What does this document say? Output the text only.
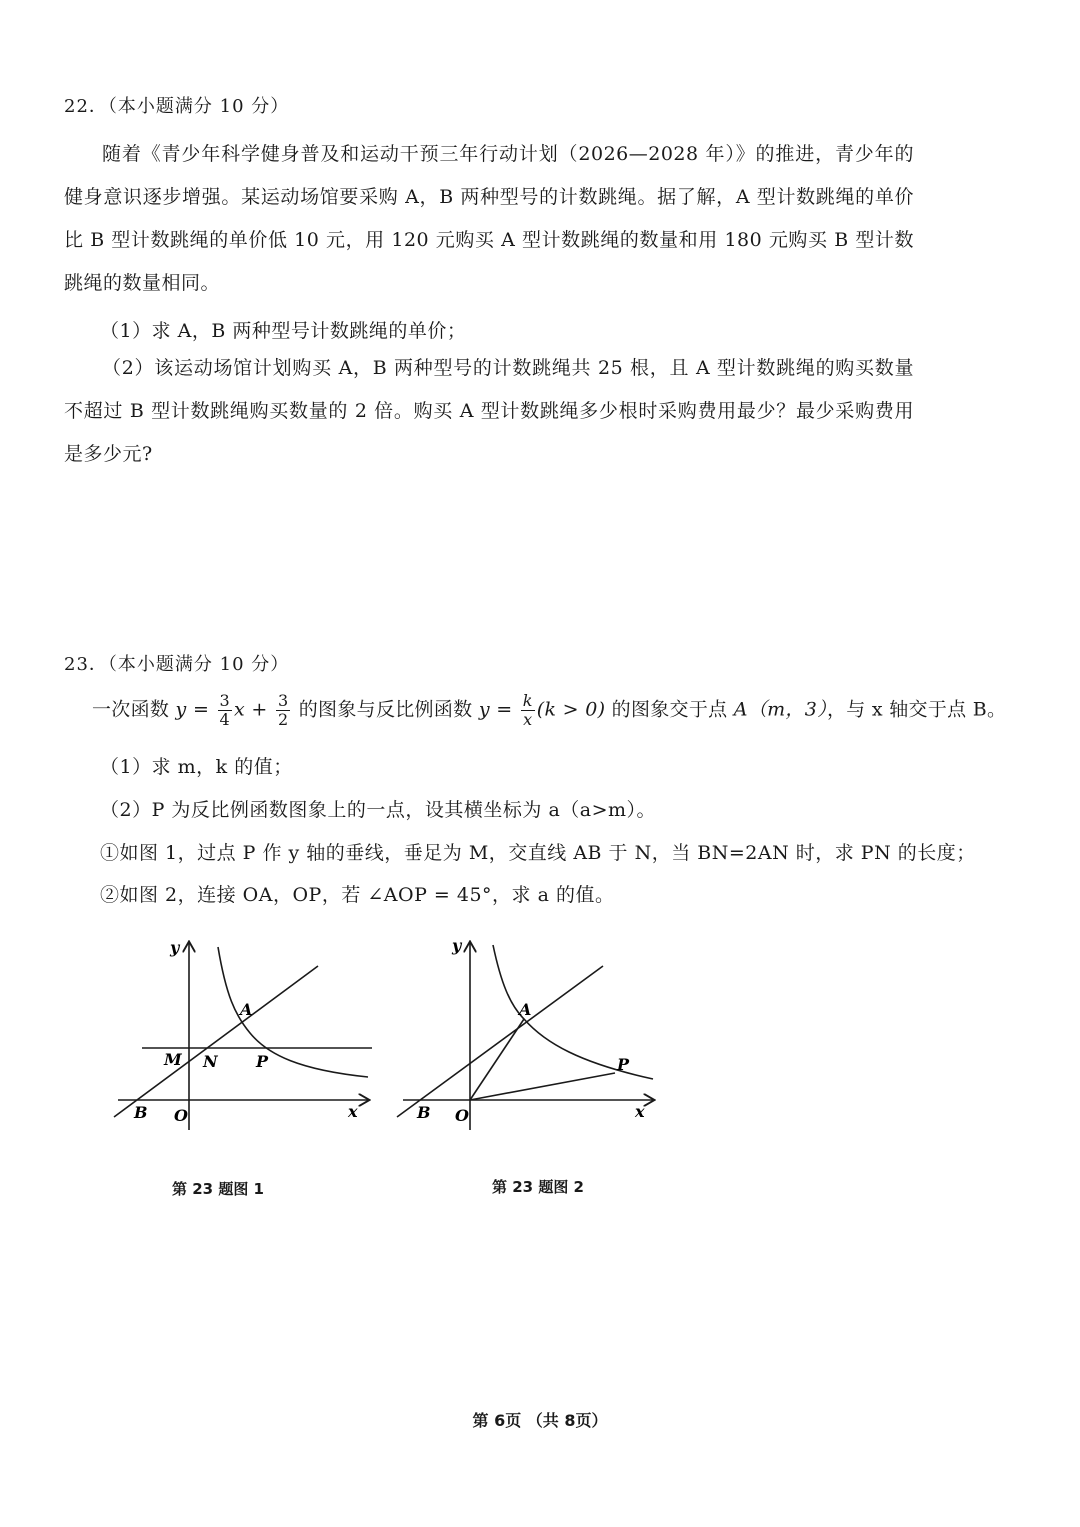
22．（本小题满分 10 分）
随着《青少年科学健身普及和运动干预三年行动计划（2026—2028 年）》的推进，青少年的健身意识逐步增强。某运动场馆要采购 A，B 两种型号的计数跳绳。据了解，A 型计数跳绳的单价比 B 型计数跳绳的单价低 10 元，用 120 元购买 A 型计数跳绳的数量和用 180 元购买 B 型计数跳绳的数量相同。
（1）求 A，B 两种型号计数跳绳的单价；
（2）该运动场馆计划购买 A，B 两种型号的计数跳绳共 25 根，且 A 型计数跳绳的购买数量不超过 B 型计数跳绳购买数量的 2 倍。购买 A 型计数跳绳多少根时采购费用最少？最少采购费用是多少元?
23．（本小题满分 10 分）
一次函数 $y = \frac{3}{4}$ $x + \frac{3}{2}$ 的图象与反比例函数 $y = \frac{k}{x} (k > 0)$ 的图象交于点 A（m，3），与 x 轴交于点 B。
（1）求 m，k 的值；
（2）P 为反比例函数图象上的一点，设其横坐标为 a（a>m）。
①如图 1，过点 P 作 y 轴的垂线，垂足为 M，交直线 AB 于 N，当 BN=2AN 时，求 PN 的长度；
②如图 2，连接 OA，OP，若 ∠AOP = 45°，求 a 的值。
y
x
A
M N P
B O
y
x
A
P
B O
第 23 题图 1	第 23 题图 2
第 6页 （共 8页）
